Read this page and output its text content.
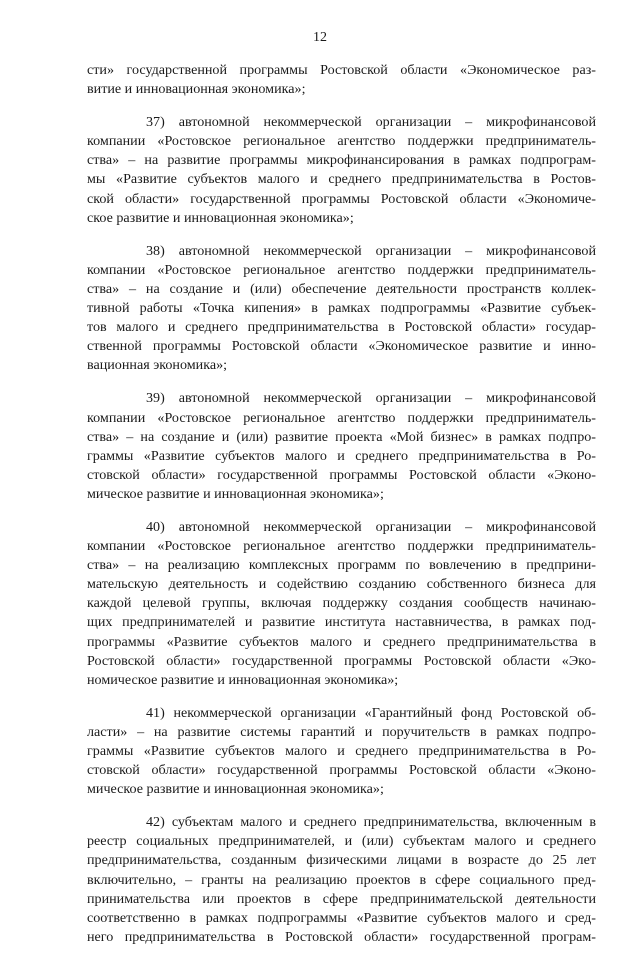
12
сти» государственной программы Ростовской области «Экономическое раз-
витие и инновационная экономика»;
37) автономной некоммерческой организации – микрофинансовой
компании «Ростовское региональное агентство поддержки предприниматель-
ства» – на развитие программы микрофинансирования в рамках подпрограм-
мы «Развитие субъектов малого и среднего предпринимательства в Ростов-
ской области» государственной программы Ростовской области «Экономиче-
ское развитие и инновационная экономика»;
38) автономной некоммерческой организации – микрофинансовой
компании «Ростовское региональное агентство поддержки предприниматель-
ства» – на создание и (или) обеспечение деятельности пространств коллек-
тивной работы «Точка кипения» в рамках подпрограммы «Развитие субъек-
тов малого и среднего предпринимательства в Ростовской области» государ-
ственной программы Ростовской области «Экономическое развитие и инно-
вационная экономика»;
39) автономной некоммерческой организации – микрофинансовой
компании «Ростовское региональное агентство поддержки предприниматель-
ства» – на создание и (или) развитие проекта «Мой бизнес» в рамках подпро-
граммы «Развитие субъектов малого и среднего предпринимательства в Ро-
стовской области» государственной программы Ростовской области «Эконо-
мическое развитие и инновационная экономика»;
40) автономной некоммерческой организации – микрофинансовой
компании «Ростовское региональное агентство поддержки предприниматель-
ства» – на реализацию комплексных программ по вовлечению в предприни-
мательскую деятельность и содействию созданию собственного бизнеса для
каждой целевой группы, включая поддержку создания сообществ начинаю-
щих предпринимателей и развитие института наставничества, в рамках под-
программы «Развитие субъектов малого и среднего предпринимательства в
Ростовской области» государственной программы Ростовской области «Эко-
номическое развитие и инновационная экономика»;
41) некоммерческой организации «Гарантийный фонд Ростовской об-
ласти» – на развитие системы гарантий и поручительств в рамках подпро-
граммы «Развитие субъектов малого и среднего предпринимательства в Ро-
стовской области» государственной программы Ростовской области «Эконо-
мическое развитие и инновационная экономика»;
42) субъектам малого и среднего предпринимательства, включенным в
реестр социальных предпринимателей, и (или) субъектам малого и среднего
предпринимательства, созданным физическими лицами в возрасте до 25 лет
включительно, – гранты на реализацию проектов в сфере социального пред-
принимательства или проектов в сфере предпринимательской деятельности
соответственно в рамках подпрограммы «Развитие субъектов малого и сред-
него предпринимательства в Ростовской области» государственной програм-
